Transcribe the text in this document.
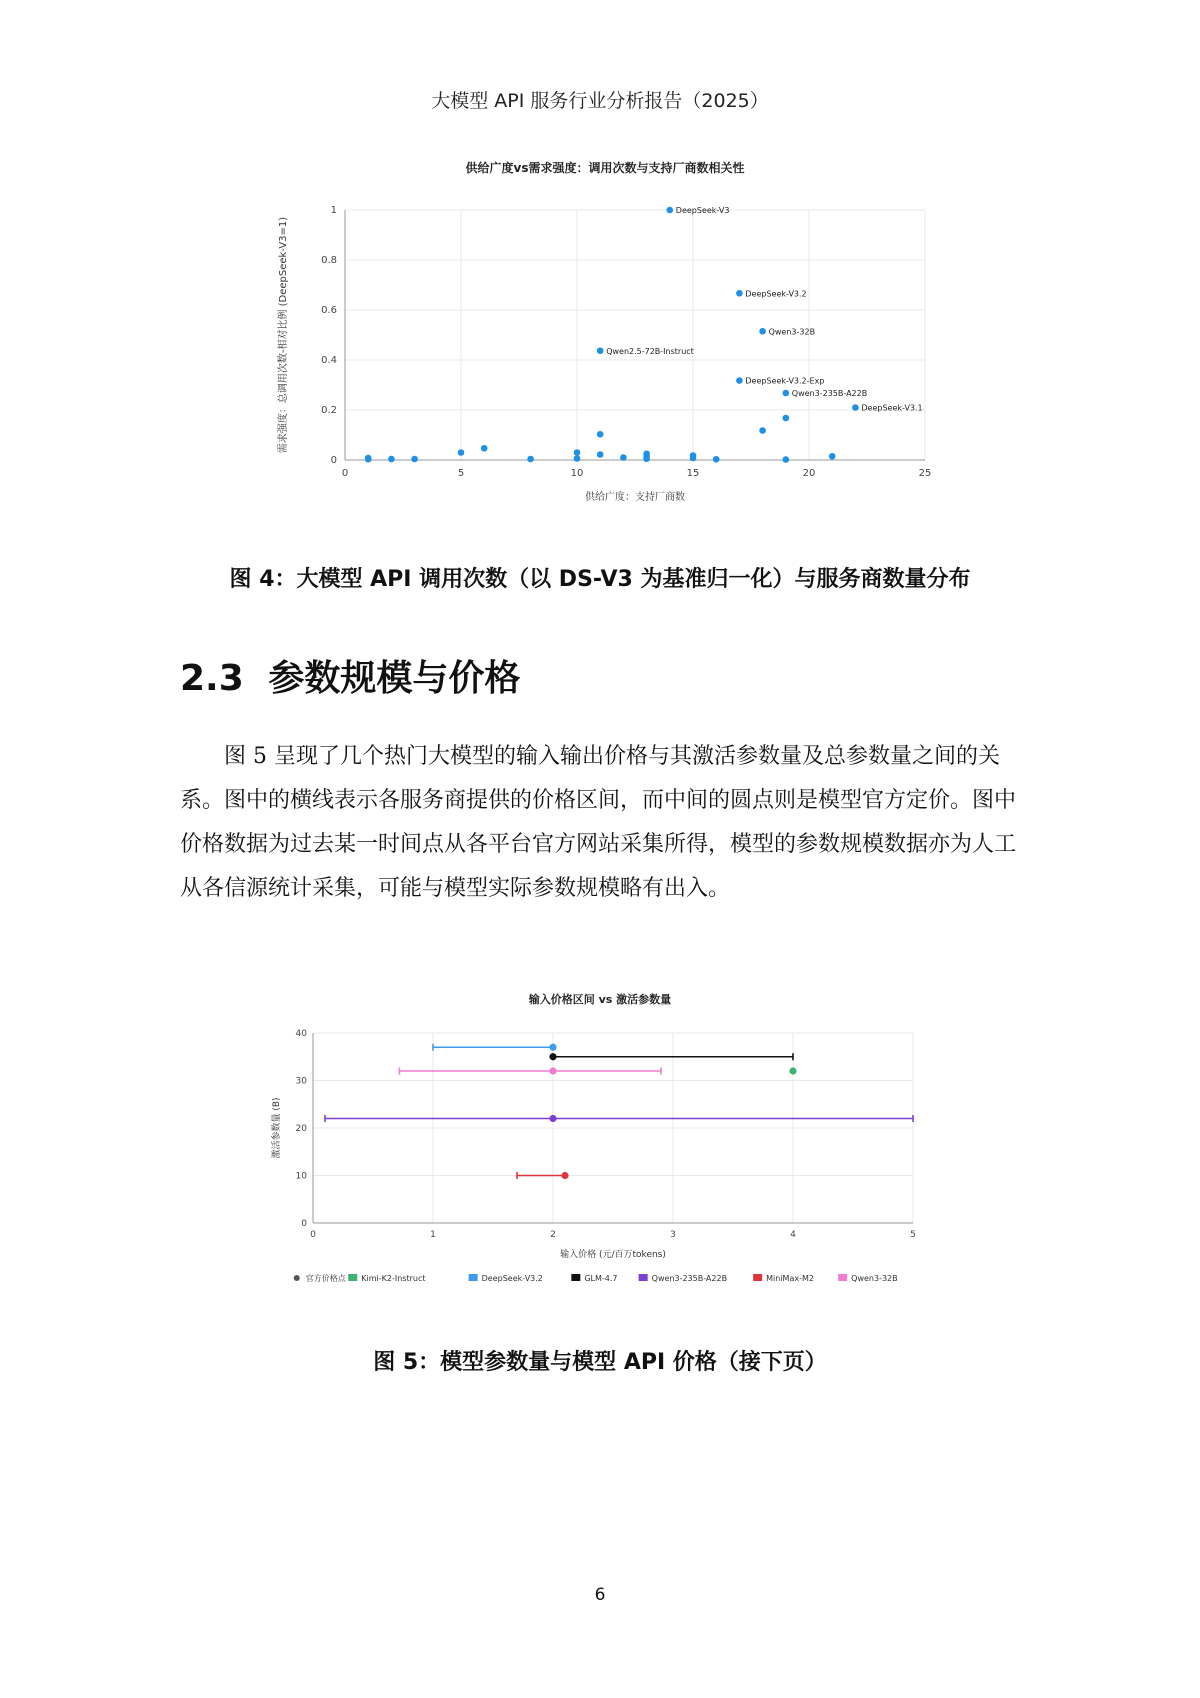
大模型 API 服务行业分析报告（2025）
供给广度vs需求强度：调用次数与支持厂商数相关性
0	5	10	15	20	25
0
0.2
0.4
0.6
0.8
1
供给广度：支持厂商数
需求强度：总调用次数-相对比例 (DeepSeek-V3=1)
DeepSeek-V3
DeepSeek-V3.2
Qwen3-32B
Qwen2.5-72B-Instruct
DeepSeek-V3.2-Exp
Qwen3-235B-A22B
DeepSeek-V3.1
图 4：大模型 API 调用次数（以 DS-V3 为基准归一化）与服务商数量分布
2.3 参数规模与价格

图 5 呈现了几个热门大模型的输入输出价格与其激活参数量及总参数量之间的关系。图中的横线表示各服务商提供的价格区间，而中间的圆点则是模型官方定价。图中价格数据为过去某一时间点从各平台官方网站采集所得，模型的参数规模数据亦为人工从各信源统计采集，可能与模型实际参数规模略有出入。

输入价格区间 vs 激活参数量
0	1	2	3	4	5
0
10
20
30
40
输入价格 (元/百万tokens)
激活参数量 (B)
官方价格点 Kimi-K2-Instruct	DeepSeek-V3.2	GLM-4.7	Qwen3-235B-A22B	MiniMax-M2	Qwen3-32B
图 5：模型参数量与模型 API 价格（接下页）
6
